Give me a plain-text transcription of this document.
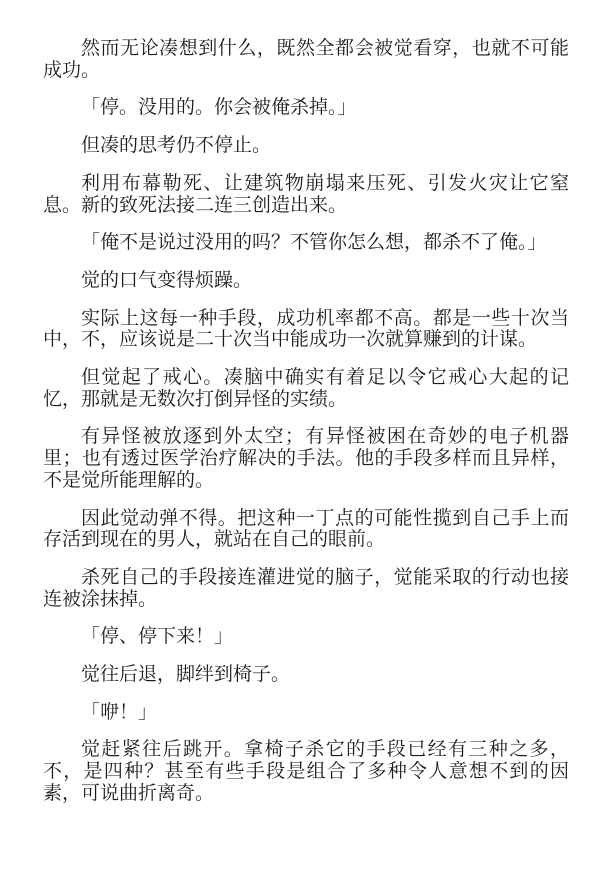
然而无论凑想到什么，既然全都会被觉看穿，也就不可能成功。

「停。没用的。你会被俺杀掉。」

但凑的思考仍不停止。

利用布幕勒死、让建筑物崩塌来压死、引发火灾让它窒息。新的致死法接二连三创造出来。

「俺不是说过没用的吗？不管你怎么想，都杀不了俺。」

觉的口气变得烦躁。

实际上这每一种手段，成功机率都不高。都是一些十次当中，不，应该说是二十次当中能成功一次就算赚到的计谋。

但觉起了戒心。凑脑中确实有着足以令它戒心大起的记忆，那就是无数次打倒异怪的实绩。

有异怪被放逐到外太空；有异怪被困在奇妙的电子机器里；也有透过医学治疗解决的手法。他的手段多样而且异样，不是觉所能理解的。

因此觉动弹不得。把这种一丁点的可能性揽到自己手上而存活到现在的男人，就站在自己的眼前。

杀死自己的手段接连灌进觉的脑子，觉能采取的行动也接连被涂抹掉。

「停、停下来！」

觉往后退，脚绊到椅子。

「咿！」

觉赶紧往后跳开。拿椅子杀它的手段已经有三种之多，不，是四种？甚至有些手段是组合了多种令人意想不到的因素，可说曲折离奇。
